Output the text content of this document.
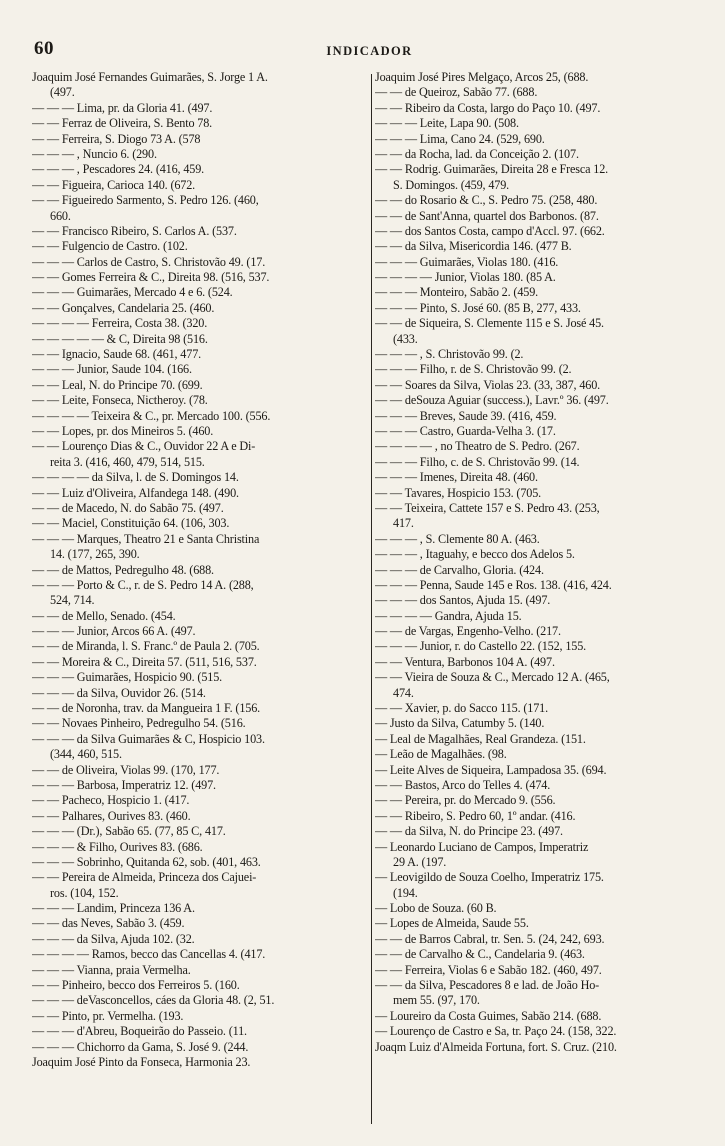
60	INDICADOR
Joaquim José Fernandes Guimarães, S. Jorge 1 A.
(497.
— — — Lima, pr. da Gloria 41. (497.
— — Ferraz de Oliveira, S. Bento 78.
— — Ferreira, S. Diogo 73 A. (578
— — — , Nuncio 6. (290.
— — — , Pescadores 24. (416, 459.
— — Figueira, Carioca 140. (672.
— — Figueiredo Sarmento, S. Pedro 126. (460,
660.
— — Francisco Ribeiro, S. Carlos A. (537.
— — Fulgencio de Castro. (102.
— — — Carlos de Castro, S. Christovão 49. (17.
— — Gomes Ferreira & C., Direita 98. (516, 537.
— — — Guimarães, Mercado 4 e 6. (524.
— — Gonçalves, Candelaria 25. (460.
— — — — Ferreira, Costa 38. (320.
— — — — — & C, Direita 98 (516.
— — Ignacio, Saude 68. (461, 477.
— — — Junior, Saude 104. (166.
— — Leal, N. do Principe 70. (699.
— — Leite, Fonseca, Nictheroy. (78.
— — — — Teixeira & C., pr. Mercado 100. (556.
— — Lopes, pr. dos Mineiros 5. (460.
— — Lourenço Dias & C., Ouvidor 22 A e Di-
reita 3. (416, 460, 479, 514, 515.
— — — — da Silva, l. de S. Domingos 14.
— — Luiz d'Oliveira, Alfandega 148. (490.
— — de Macedo, N. do Sabão 75. (497.
— — Maciel, Constituição 64. (106, 303.
— — — Marques, Theatro 21 e Santa Christina
14. (177, 265, 390.
— — de Mattos, Pedregulho 48. (688.
— — — Porto & C., r. de S. Pedro 14 A. (288,
524, 714.
— — de Mello, Senado. (454.
— — — Junior, Arcos 66 A. (497.
— — de Miranda, l. S. Franc.º de Paula 2. (705.
— — Moreira & C., Direita 57. (511, 516, 537.
— — — Guimarães, Hospicio 90. (515.
— — — da Silva, Ouvidor 26. (514.
— — de Noronha, trav. da Mangueira 1 F. (156.
— — Novaes Pinheiro, Pedregulho 54. (516.
— — — da Silva Guimarães & C, Hospicio 103.
(344, 460, 515.
— — de Oliveira, Violas 99. (170, 177.
— — — Barbosa, Imperatriz 12. (497.
— — Pacheco, Hospicio 1. (417.
— — Palhares, Ourives 83. (460.
— — — (Dr.), Sabão 65. (77, 85 C, 417.
— — — & Filho, Ourives 83. (686.
— — — Sobrinho, Quitanda 62, sob. (401, 463.
— — Pereira de Almeida, Princeza dos Cajuei-
ros. (104, 152.
— — — Landim, Princeza 136 A.
— — das Neves, Sabão 3. (459.
— — — da Silva, Ajuda 102. (32.
— — — — Ramos, becco das Cancellas 4. (417.
— — — Vianna, praia Vermelha.
— — Pinheiro, becco dos Ferreiros 5. (160.
— — — deVasconcellos, cáes da Gloria 48. (2, 51.
— — Pinto, pr. Vermelha. (193.
— — — d'Abreu, Boqueirão do Passeio. (11.
— — — Chichorro da Gama, S. José 9. (244.
Joaquim José Pinto da Fonseca, Harmonia 23.
Joaquim José Pires Melgaço, Arcos 25, (688.
— — de Queiroz, Sabão 77. (688.
— — Ribeiro da Costa, largo do Paço 10. (497.
— — — Leite, Lapa 90. (508.
— — — Lima, Cano 24. (529, 690.
— — da Rocha, lad. da Conceição 2. (107.
— — Rodrig. Guimarães, Direita 28 e Fresca 12.
S. Domingos. (459, 479.
— — do Rosario & C., S. Pedro 75. (258, 480.
— — de Sant'Anna, quartel dos Barbonos. (87.
— — dos Santos Costa, campo d'Accl. 97. (662.
— — da Silva, Misericordia 146. (477 B.
— — — Guimarães, Violas 180. (416.
— — — — Junior, Violas 180. (85 A.
— — — Monteiro, Sabão 2. (459.
— — — Pinto, S. José 60. (85 B, 277, 433.
— — de Siqueira, S. Clemente 115 e S. José 45.
(433.
— — — , S. Christovão 99. (2.
— — — Filho, r. de S. Christovão 99. (2.
— — Soares da Silva, Violas 23. (33, 387, 460.
— — deSouza Aguiar (success.), Lavr.º 36. (497.
— — — Breves, Saude 39. (416, 459.
— — — Castro, Guarda-Velha 3. (17.
— — — — , no Theatro de S. Pedro. (267.
— — — Filho, c. de S. Christovão 99. (14.
— — — Imenes, Direita 48. (460.
— — Tavares, Hospicio 153. (705.
— — Teixeira, Cattete 157 e S. Pedro 43. (253,
417.
— — — , S. Clemente 80 A. (463.
— — — , Itaguahy, e becco dos Adelos 5.
— — — de Carvalho, Gloria. (424.
— — — Penna, Saude 145 e Ros. 138. (416, 424.
— — — dos Santos, Ajuda 15. (497.
— — — — Gandra, Ajuda 15.
— — de Vargas, Engenho-Velho. (217.
— — — Junior, r. do Castello 22. (152, 155.
— — Ventura, Barbonos 104 A. (497.
— — Vieira de Souza & C., Mercado 12 A. (465,
474.
— — Xavier, p. do Sacco 115. (171.
— Justo da Silva, Catumby 5. (140.
— Leal de Magalhães, Real Grandeza. (151.
— Leão de Magalhães. (98.
— Leite Alves de Siqueira, Lampadosa 35. (694.
— — Bastos, Arco do Telles 4. (474.
— — Pereira, pr. do Mercado 9. (556.
— — Ribeiro, S. Pedro 60, 1º andar. (416.
— — da Silva, N. do Principe 23. (497.
— Leonardo Luciano de Campos, Imperatriz
29 A. (197.
— Leovigildo de Souza Coelho, Imperatriz 175.
(194.
— Lobo de Souza. (60 B.
— Lopes de Almeida, Saude 55.
— — de Barros Cabral, tr. Sen. 5. (24, 242, 693.
— — de Carvalho & C., Candelaria 9. (463.
— — Ferreira, Violas 6 e Sabão 182. (460, 497.
— — da Silva, Pescadores 8 e lad. de João Ho-
mem 55. (97, 170.
— Loureiro da Costa Guimes, Sabão 214. (688.
— Lourenço de Castro e Sa, tr. Paço 24. (158, 322.
Joaqm Luiz d'Almeida Fortuna, fort. S. Cruz. (210.
